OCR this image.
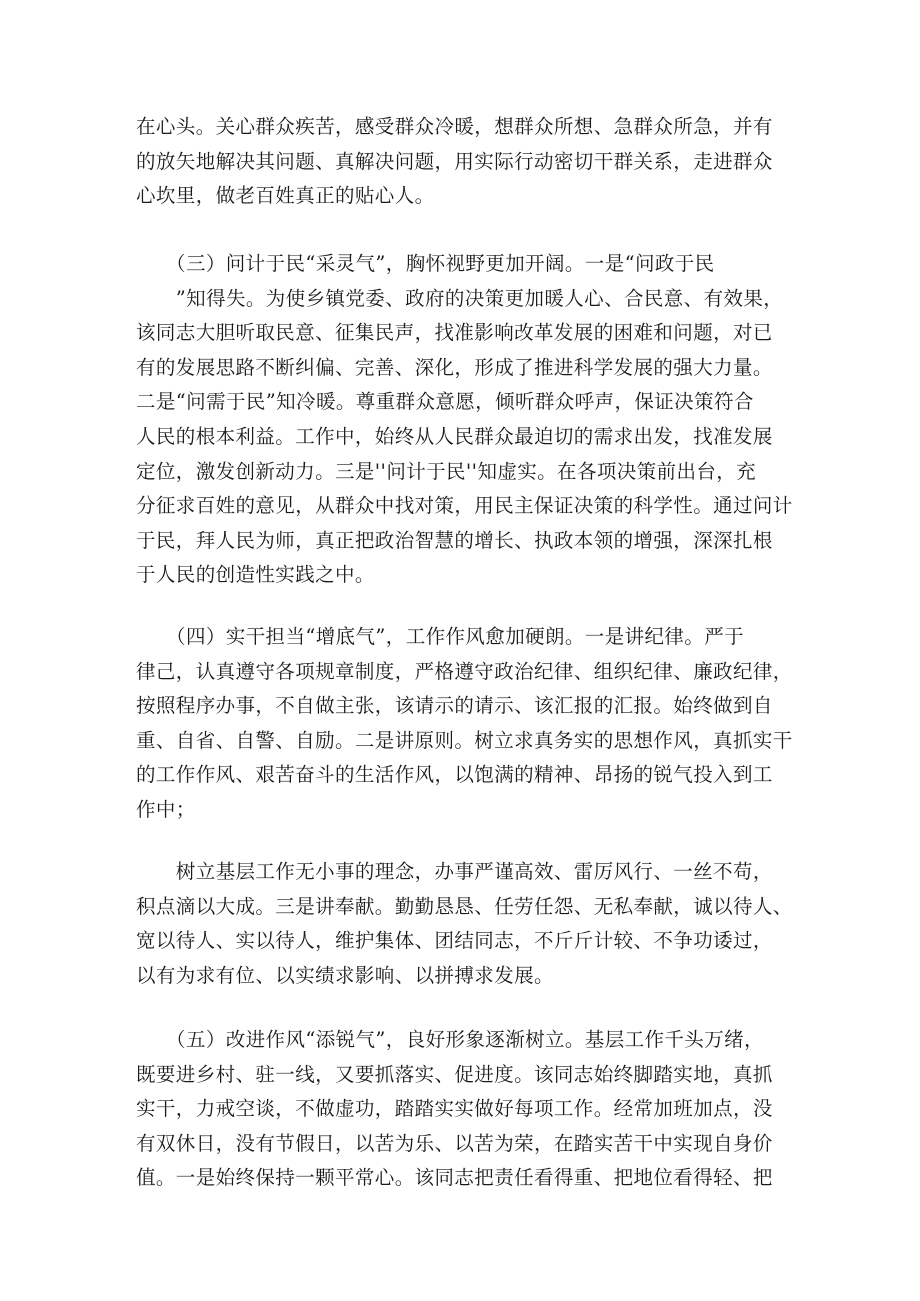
在心头。关心群众疾苦，感受群众冷暖，想群众所想、急群众所急，并有
的放矢地解决其问题、真解决问题，用实际行动密切干群关系，走进群众
心坎里，做老百姓真正的贴心人。
　　（三）问计于民“采灵气”，胸怀视野更加开阔。一是“问政于民
　　”知得失。为使乡镇党委、政府的决策更加暖人心、合民意、有效果，
该同志大胆听取民意、征集民声，找准影响改革发展的困难和问题，对已
有的发展思路不断纠偏、完善、深化，形成了推进科学发展的强大力量。
二是“问需于民”知冷暖。尊重群众意愿，倾听群众呼声，保证决策符合
人民的根本利益。工作中，始终从人民群众最迫切的需求出发，找准发展
定位，激发创新动力。三是''问计于民''知虚实。在各项决策前出台，充
分征求百姓的意见，从群众中找对策，用民主保证决策的科学性。通过问计
于民，拜人民为师，真正把政治智慧的增长、执政本领的增强，深深扎根
于人民的创造性实践之中。
　　（四）实干担当“增底气”，工作作风愈加硬朗。一是讲纪律。严于
律己，认真遵守各项规章制度，严格遵守政治纪律、组织纪律、廉政纪律，
按照程序办事，不自做主张，该请示的请示、该汇报的汇报。始终做到自
重、自省、自警、自励。二是讲原则。树立求真务实的思想作风，真抓实干
的工作作风、艰苦奋斗的生活作风，以饱满的精神、昂扬的锐气投入到工
作中；
　　树立基层工作无小事的理念，办事严谨高效、雷厉风行、一丝不苟，
积点滴以大成。三是讲奉献。勤勤恳恳、任劳任怨、无私奉献，诚以待人、
宽以待人、实以待人，维护集体、团结同志，不斤斤计较、不争功诿过，
以有为求有位、以实绩求影响、以拼搏求发展。
　　（五）改进作风“添锐气”，良好形象逐渐树立。基层工作千头万绪，
既要进乡村、驻一线，又要抓落实、促进度。该同志始终脚踏实地，真抓
实干，力戒空谈，不做虚功，踏踏实实做好每项工作。经常加班加点，没
有双休日，没有节假日，以苦为乐、以苦为荣，在踏实苦干中实现自身价
值。一是始终保持一颗平常心。该同志把责任看得重、把地位看得轻、把
